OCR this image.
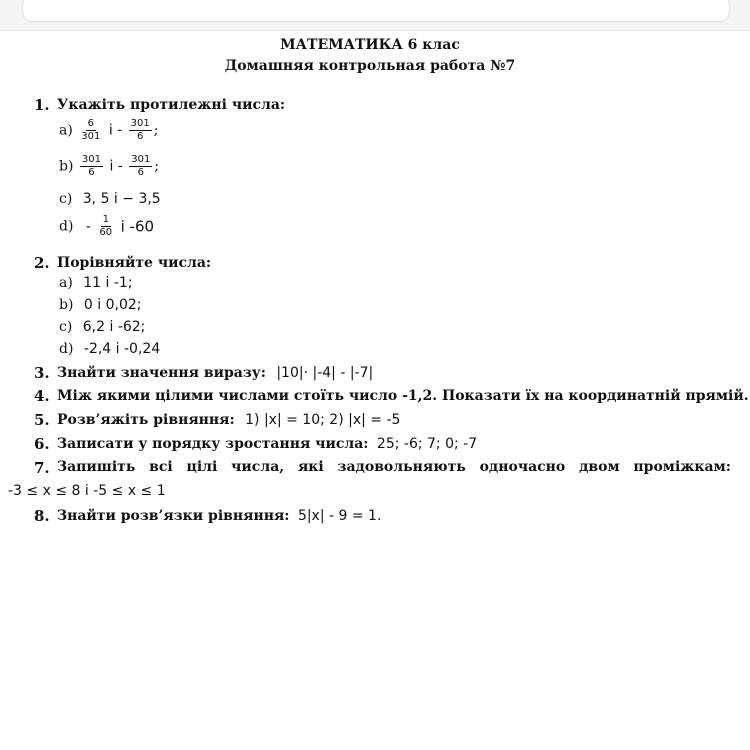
МАТЕМАТИКА 6 клас
Домашняя контрольная работа №7
1. Укажіть протилежні числа:
$a) \frac{6}{301}$ і - $\frac{301}{6}$ ;
$b) \frac{301}{6}$ і - $\frac{301}{6}$ ;
c) 3, 5 і − 3,5
$d) - \frac{1}{60}$ і -60
2. Порівняйте числа:
a) 11 і -1;
b) 0 і 0,02;
c) 6,2 і -62;
d) -2,4 і -0,24
3. Знайти значення виразу: |10|· |-4| - |-7|
4. Між якими цілими числами стоїть число -1,2. Показати їх на координатній прямій.
5. Розв’яжіть рівняння: 1) |x| = 10; 2) |x| = -5
6. Записати у порядку зростання числа: 25; -6; 7; 0; -7
7. Запишіть всі цілі числа, які задовольняють одночасно двом проміжкам:
-3 ≤ x ≤ 8 і -5 ≤ x ≤ 1
8. Знайти розв’язки рівняння: 5|x| - 9 = 1.
